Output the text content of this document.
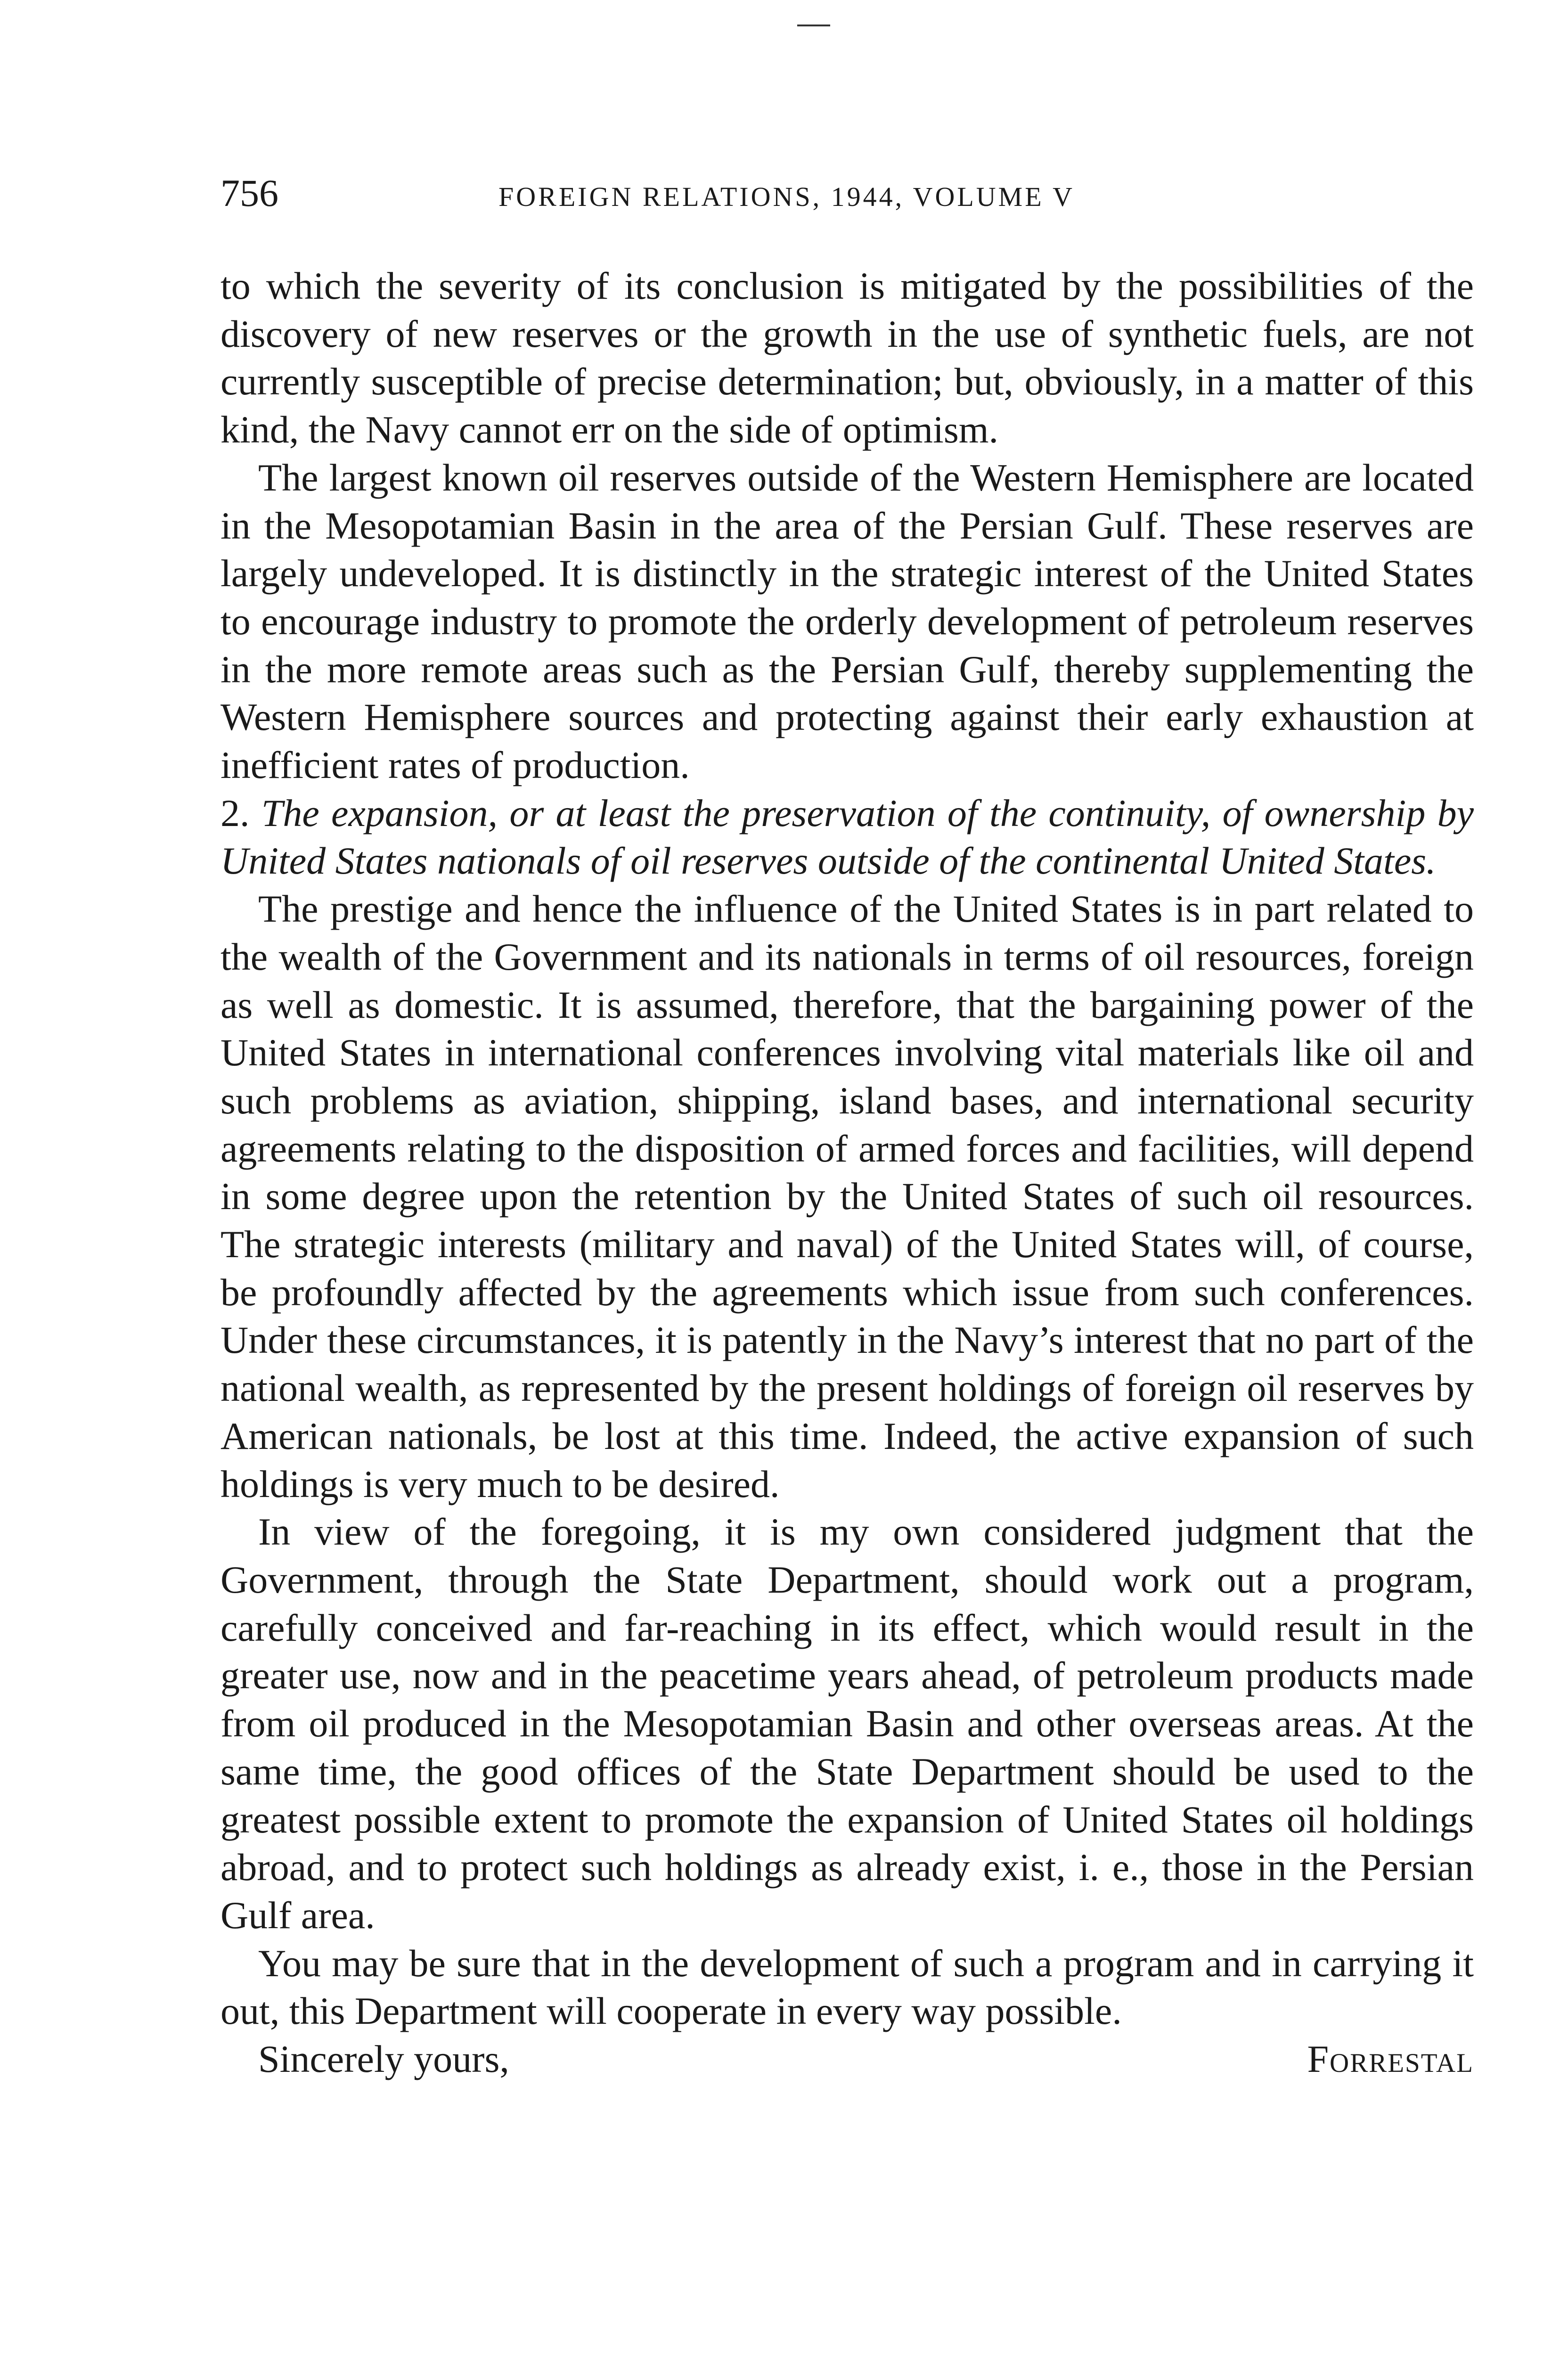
756	FOREIGN RELATIONS, 1944, VOLUME V

to which the severity of its conclusion is mitigated by the possibilities of the discovery of new reserves or the growth in the use of synthetic fuels, are not currently susceptible of precise determination; but, obviously, in a matter of this kind, the Navy cannot err on the side of optimism.

The largest known oil reserves outside of the Western Hemisphere are located in the Mesopotamian Basin in the area of the Persian Gulf. These reserves are largely undeveloped. It is distinctly in the strategic interest of the United States to encourage industry to promote the orderly development of petroleum reserves in the more remote areas such as the Persian Gulf, thereby supplementing the Western Hemisphere sources and protecting against their early exhaustion at inefficient rates of production.

2. The expansion, or at least the preservation of the continuity, of ownership by United States nationals of oil reserves outside of the continental United States.

The prestige and hence the influence of the United States is in part related to the wealth of the Government and its nationals in terms of oil resources, foreign as well as domestic. It is assumed, therefore, that the bargaining power of the United States in international conferences involving vital materials like oil and such problems as aviation, shipping, island bases, and international security agreements relating to the disposition of armed forces and facilities, will depend in some degree upon the retention by the United States of such oil resources. The strategic interests (military and naval) of the United States will, of course, be profoundly affected by the agreements which issue from such conferences. Under these circumstances, it is patently in the Navy’s interest that no part of the national wealth, as represented by the present holdings of foreign oil reserves by American nationals, be lost at this time. Indeed, the active expansion of such holdings is very much to be desired.

In view of the foregoing, it is my own considered judgment that the Government, through the State Department, should work out a program, carefully conceived and far-reaching in its effect, which would result in the greater use, now and in the peacetime years ahead, of petroleum products made from oil produced in the Mesopotamian Basin and other overseas areas. At the same time, the good offices of the State Department should be used to the greatest possible extent to promote the expansion of United States oil holdings abroad, and to protect such holdings as already exist, i. e., those in the Persian Gulf area.

You may be sure that in the development of such a program and in carrying it out, this Department will cooperate in every way possible.

Sincerely yours,	Forrestal
